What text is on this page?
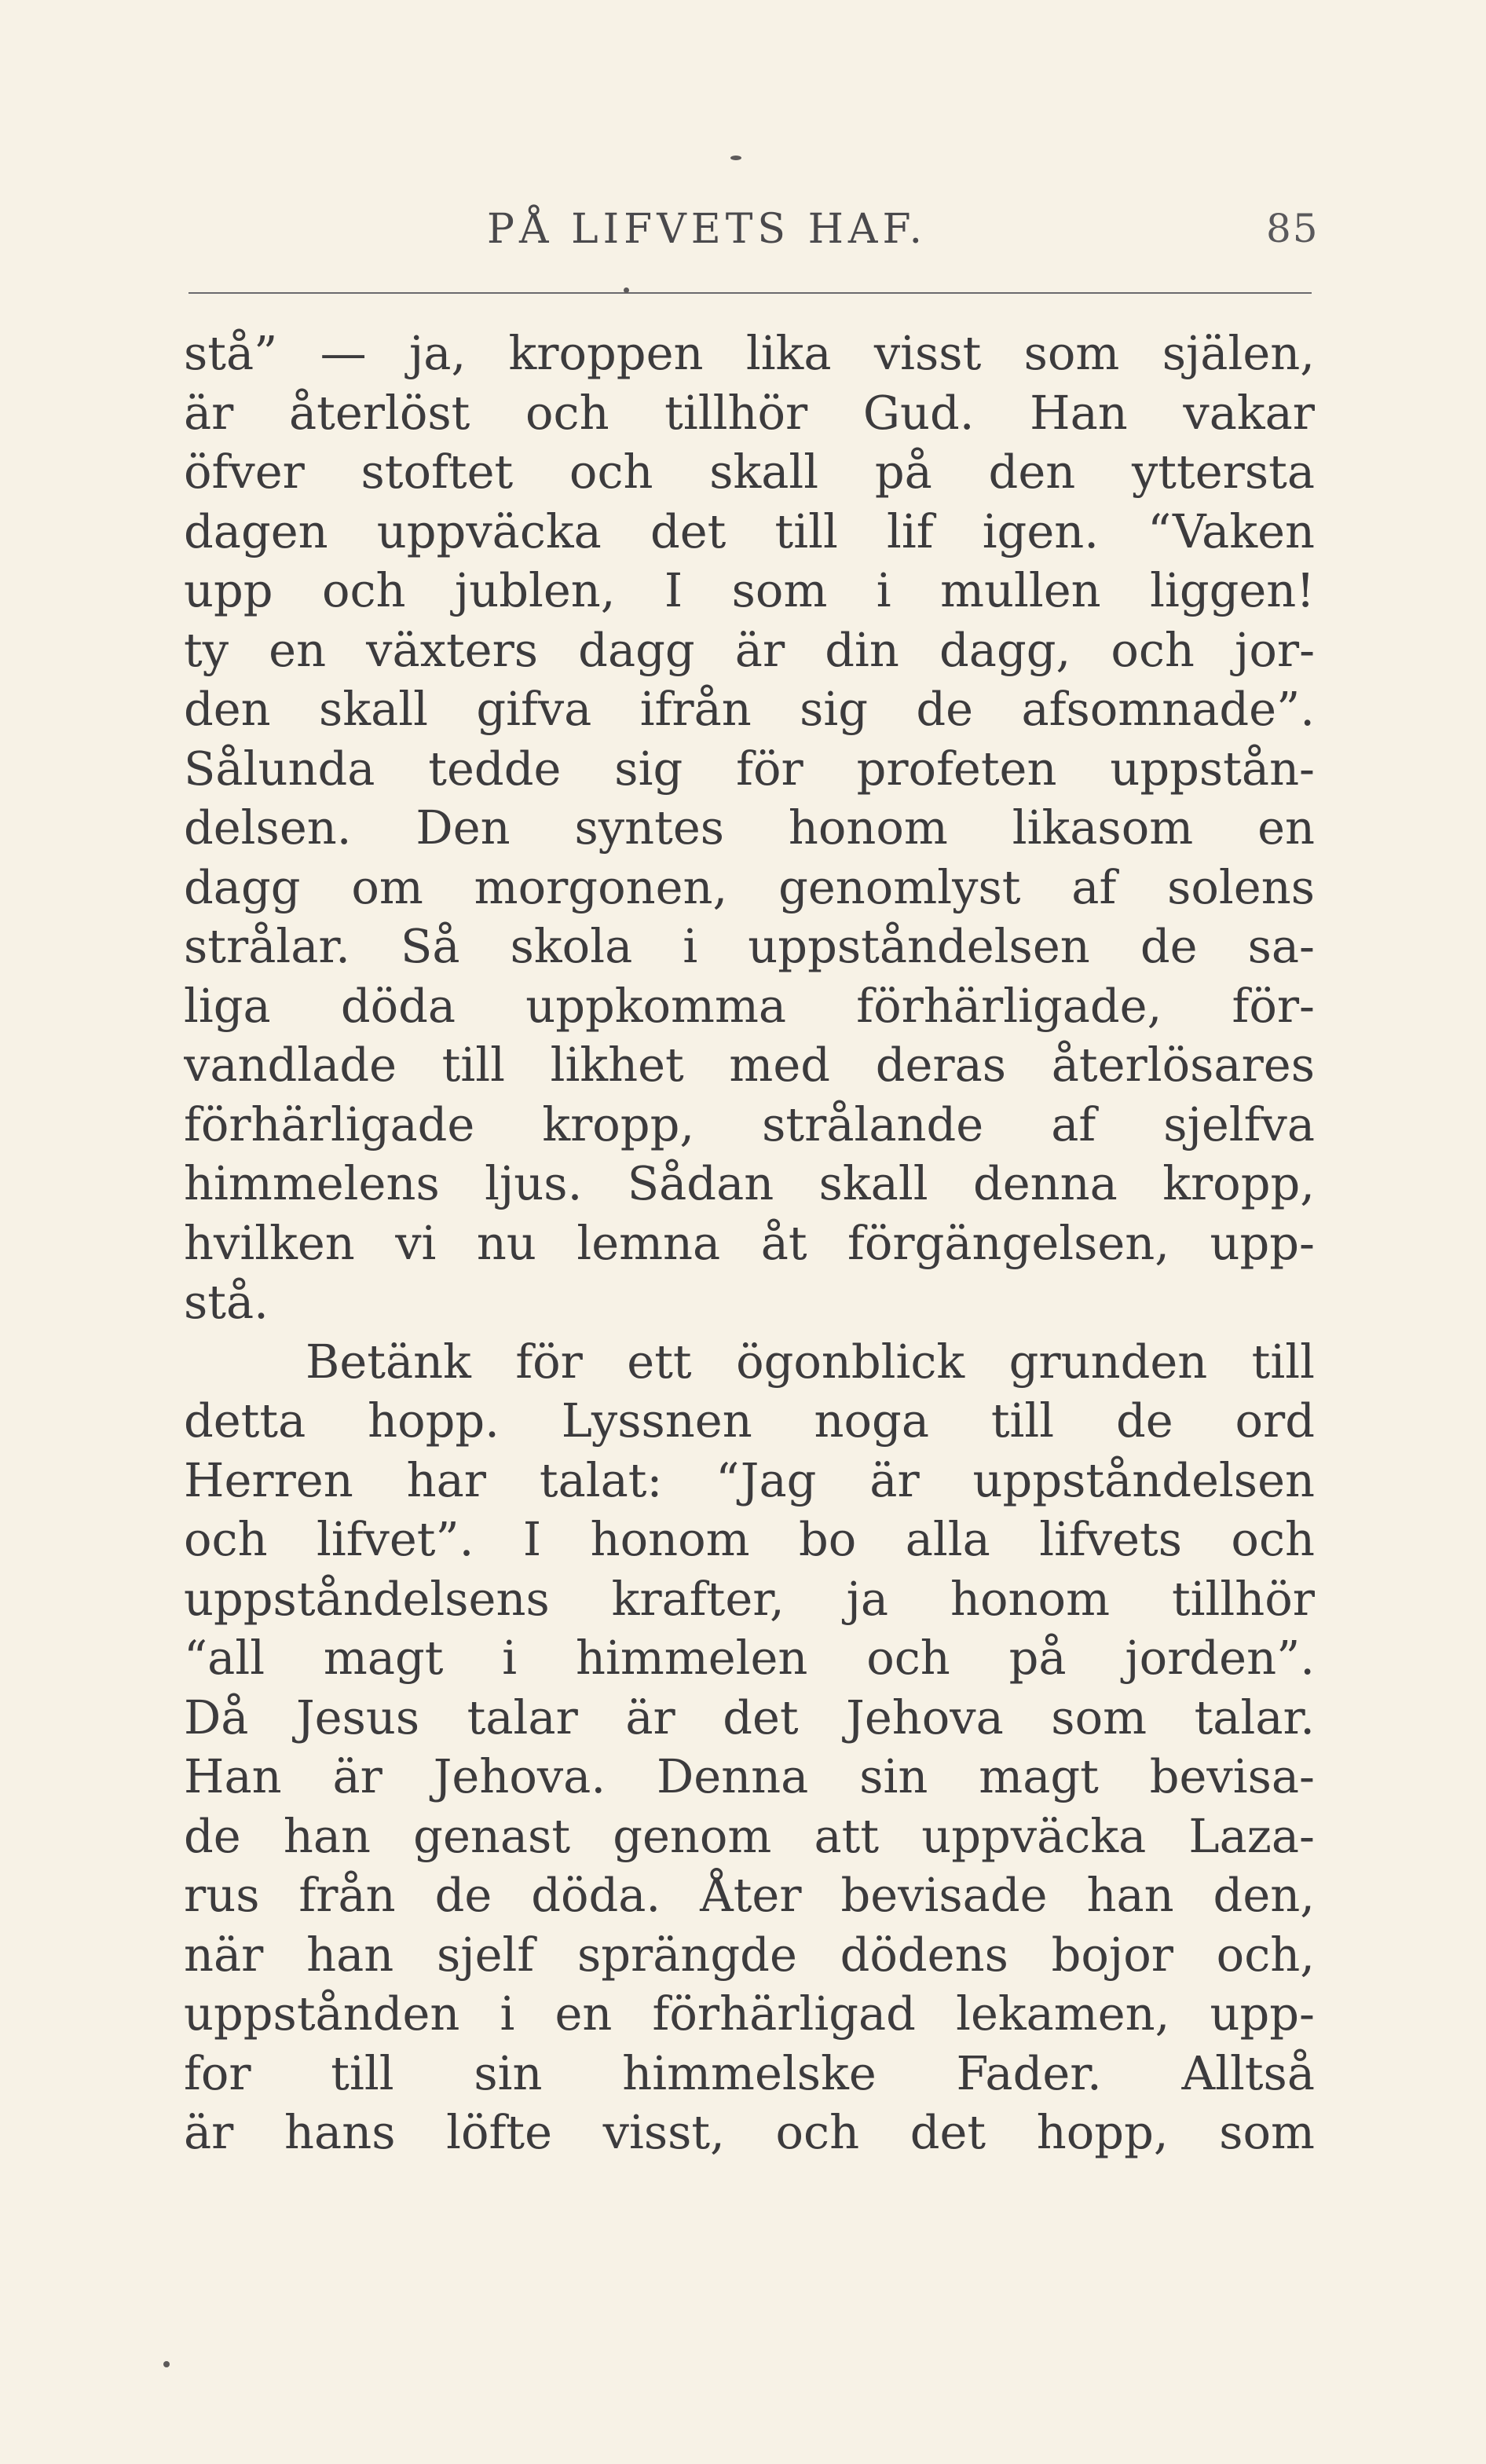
PÅ LIFVETS HAF.	85
stå” — ja, kroppen lika visst som själen,
är återlöst och tillhör Gud. Han vakar
öfver stoftet och skall på den yttersta
dagen uppväcka det till lif igen. “Vaken
upp och jublen, I som i mullen liggen!
ty en växters dagg är din dagg, och jor-
den skall gifva ifrån sig de afsomnade”.
Sålunda tedde sig för profeten uppstån-
delsen. Den syntes honom likasom en
dagg om morgonen, genomlyst af solens
strålar. Så skola i uppståndelsen de sa-
liga döda uppkomma förhärligade, för-
vandlade till likhet med deras återlösares
förhärligade kropp, strålande af sjelfva
himmelens ljus. Sådan skall denna kropp,
hvilken vi nu lemna åt förgängelsen, upp-
stå.
Betänk för ett ögonblick grunden till
detta hopp. Lyssnen noga till de ord
Herren har talat: “Jag är uppståndelsen
och lifvet”. I honom bo alla lifvets och
uppståndelsens krafter, ja honom tillhör
“all magt i himmelen och på jorden”.
Då Jesus talar är det Jehova som talar.
Han är Jehova. Denna sin magt bevisa-
de han genast genom att uppväcka Laza-
rus från de döda. Åter bevisade han den,
när han sjelf sprängde dödens bojor och,
uppstånden i en förhärligad lekamen, upp-
for till sin himmelske Fader. Alltså
är hans löfte visst, och det hopp, som
